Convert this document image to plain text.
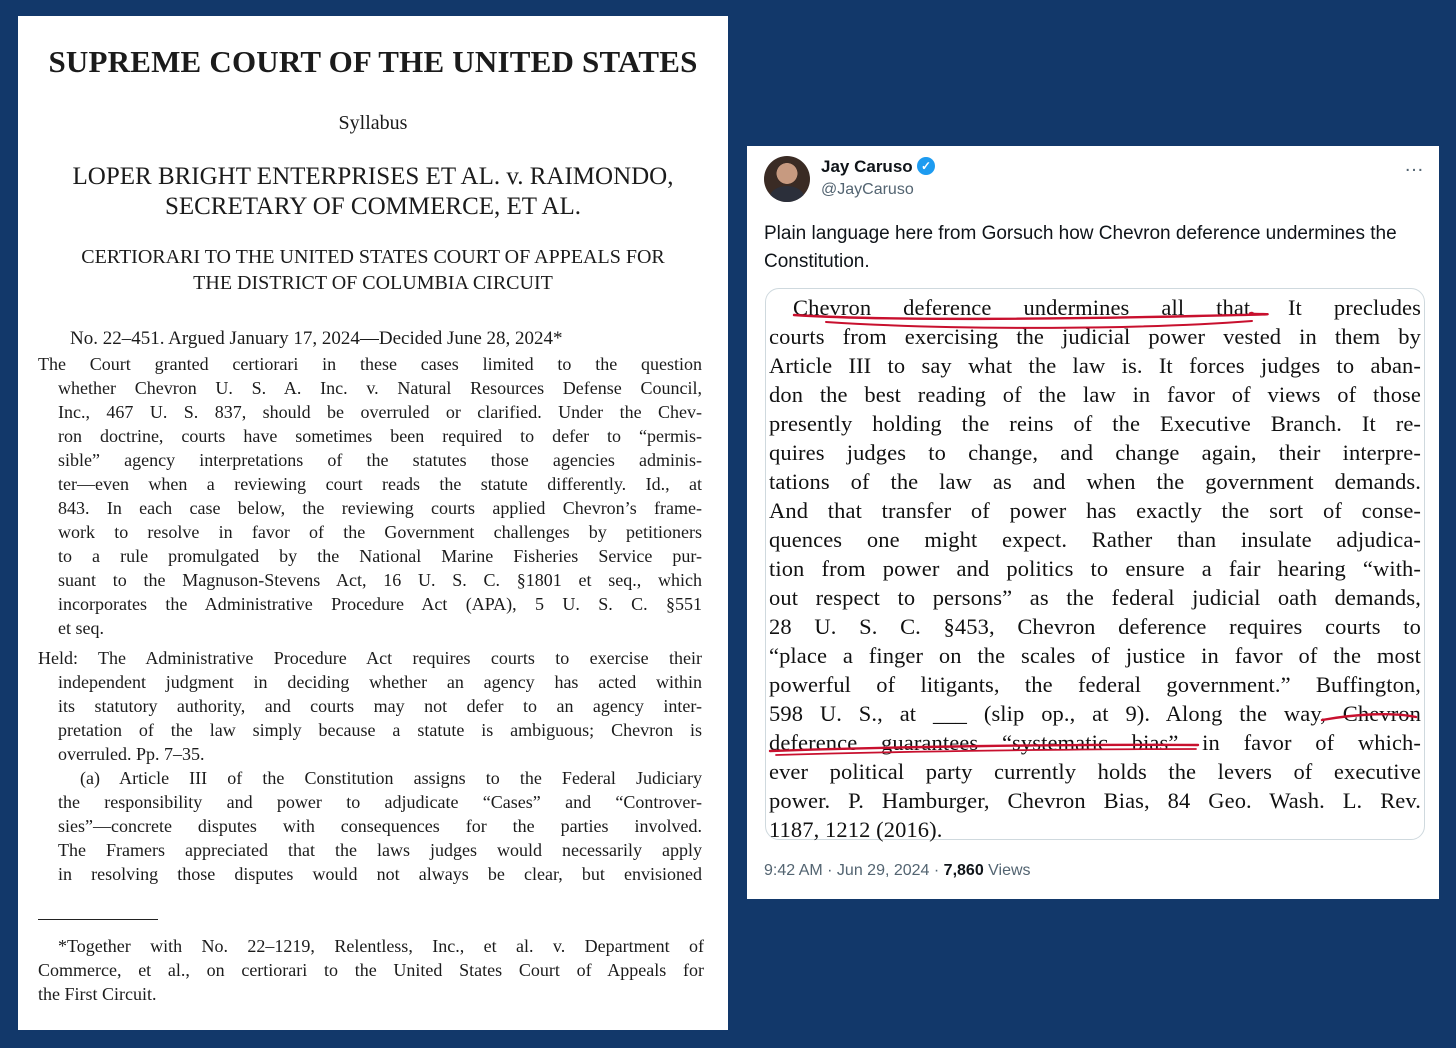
SUPREME COURT OF THE UNITED STATES
Syllabus
LOPER BRIGHT ENTERPRISES ET AL. v. RAIMONDO,
SECRETARY OF COMMERCE, ET AL.
CERTIORARI TO THE UNITED STATES COURT OF APPEALS FOR
THE DISTRICT OF COLUMBIA CIRCUIT
No. 22–451. Argued January 17, 2024—Decided June 28, 2024*
The Court granted certiorari in these cases limited to the question
whether Chevron U. S. A. Inc. v. Natural Resources Defense Council,
Inc., 467 U. S. 837, should be overruled or clarified. Under the Chev-
ron doctrine, courts have sometimes been required to defer to “permis-
sible” agency interpretations of the statutes those agencies adminis-
ter—even when a reviewing court reads the statute differently. Id., at
843. In each case below, the reviewing courts applied Chevron’s frame-
work to resolve in favor of the Government challenges by petitioners
to a rule promulgated by the National Marine Fisheries Service pur-
suant to the Magnuson-Stevens Act, 16 U. S. C. §1801 et seq., which
incorporates the Administrative Procedure Act (APA), 5 U. S. C. §551
et seq.
Held: The Administrative Procedure Act requires courts to exercise their
independent judgment in deciding whether an agency has acted within
its statutory authority, and courts may not defer to an agency inter-
pretation of the law simply because a statute is ambiguous; Chevron is
overruled. Pp. 7–35.
(a) Article III of the Constitution assigns to the Federal Judiciary
the responsibility and power to adjudicate “Cases” and “Controver-
sies”—concrete disputes with consequences for the parties involved.
The Framers appreciated that the laws judges would necessarily apply
in resolving those disputes would not always be clear, but envisioned
*Together with No. 22–1219, Relentless, Inc., et al. v. Department of
Commerce, et al., on certiorari to the United States Court of Appeals for
the First Circuit.
Jay Caruso ✓
@JayCaruso
…
Plain language here from Gorsuch how Chevron deference undermines the Constitution.
Chevron deference undermines all that. It precludes
courts from exercising the judicial power vested in them by
Article III to say what the law is. It forces judges to aban-
don the best reading of the law in favor of views of those
presently holding the reins of the Executive Branch. It re-
quires judges to change, and change again, their interpre-
tations of the law as and when the government demands.
And that transfer of power has exactly the sort of conse-
quences one might expect. Rather than insulate adjudica-
tion from power and politics to ensure a fair hearing “with-
out respect to persons” as the federal judicial oath demands,
28 U. S. C. §453, Chevron deference requires courts to
“place a finger on the scales of justice in favor of the most
powerful of litigants, the federal government.” Buffington,
598 U. S., at ___ (slip op., at 9). Along the way, Chevron
deference guarantees “systematic bias” in favor of which-
ever political party currently holds the levers of executive
power. P. Hamburger, Chevron Bias, 84 Geo. Wash. L. Rev.
1187, 1212 (2016).
9:42 AM · Jun 29, 2024 · 7,860 Views
